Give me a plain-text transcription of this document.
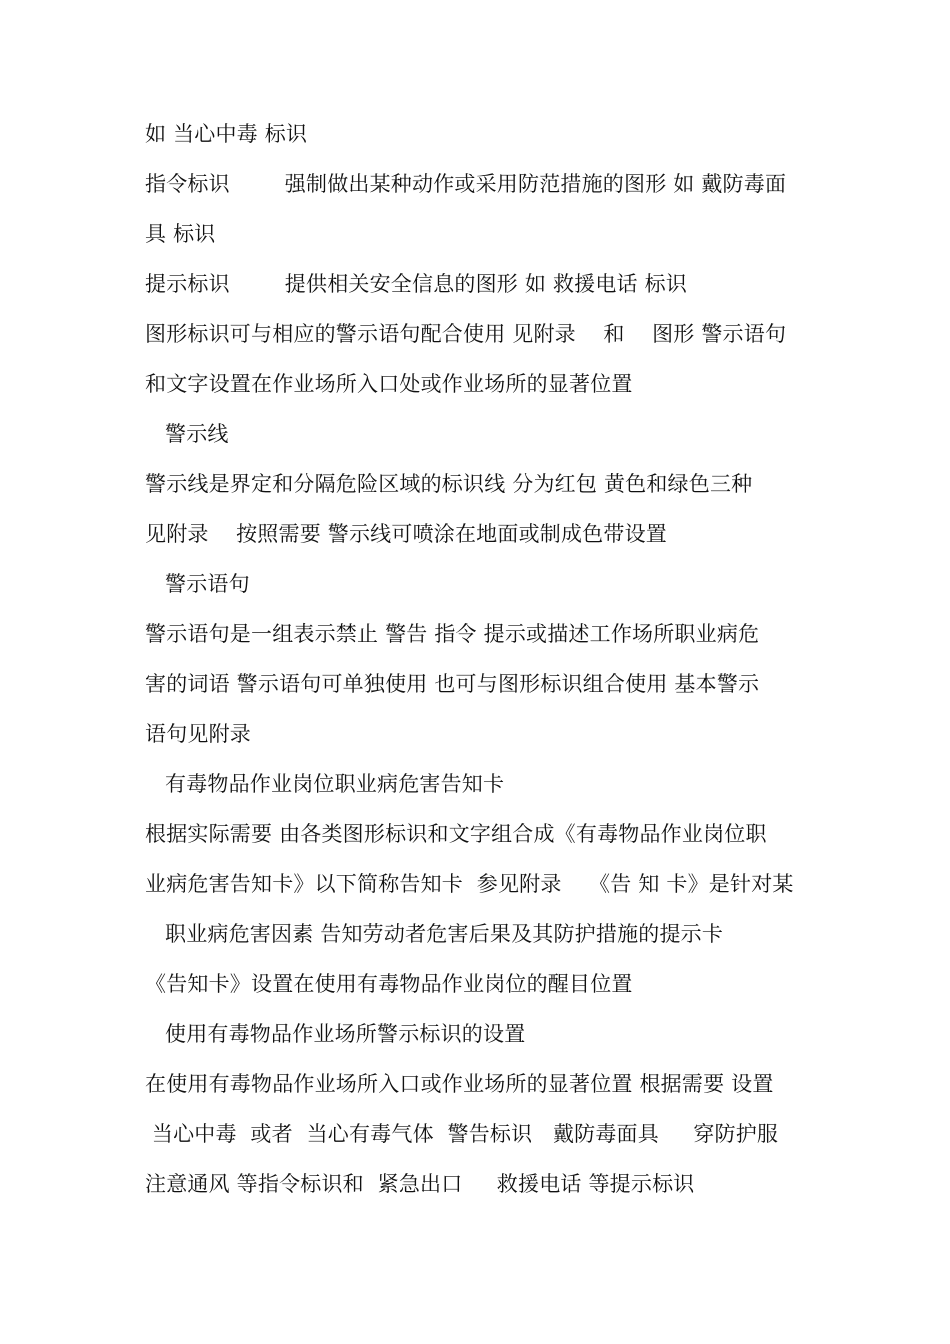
如 当心中毒 标识
指令标识        强制做出某种动作或采用防范措施的图形 如 戴防毒面
具 标识
提示标识        提供相关安全信息的图形 如 救援电话 标识
图形标识可与相应的警示语句配合使用 见附录    和    图形 警示语句
和文字设置在作业场所入口处或作业场所的显著位置
警示线
警示线是界定和分隔危险区域的标识线 分为红包 黄色和绿色三种
见附录    按照需要 警示线可喷涂在地面或制成色带设置
警示语句
警示语句是一组表示禁止 警告 指令 提示或描述工作场所职业病危
害的词语 警示语句可单独使用 也可与图形标识组合使用 基本警示
语句见附录
有毒物品作业岗位职业病危害告知卡
根据实际需要 由各类图形标识和文字组合成《有毒物品作业岗位职
业病危害告知卡》以下简称告知卡  参见附录    《告 知 卡》是针对某
职业病危害因素 告知劳动者危害后果及其防护措施的提示卡
《告知卡》设置在使用有毒物品作业岗位的醒目位置
使用有毒物品作业场所警示标识的设置
在使用有毒物品作业场所入口或作业场所的显著位置 根据需要 设置
当心中毒  或者  当心有毒气体  警告标识   戴防毒面具     穿防护服
注意通风 等指令标识和  紧急出口     救援电话 等提示标识
